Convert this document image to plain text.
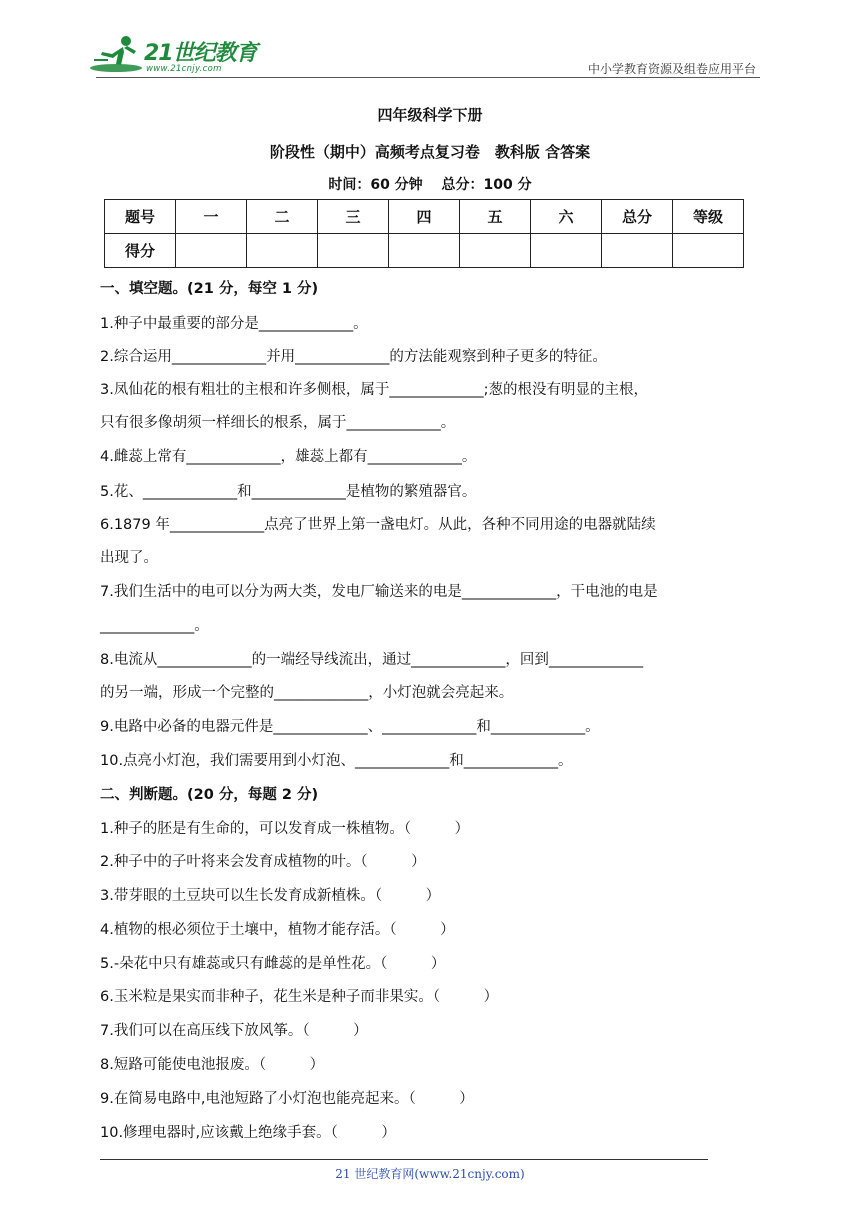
21世纪教育
www.21cnjy.com	中小学教育资源及组卷应用平台
四年级科学下册
阶段性（期中）高频考点复习卷　教科版 含答案
时间：60 分钟　 总分：100 分
题号	一	二	三	四	五	六	总分	等级
得分								
一、填空题。(21 分，每空 1 分)
1.种子中最重要的部分是_____________。
2.综合运用_____________并用_____________的方法能观察到种子更多的特征。
3.凤仙花的根有粗壮的主根和许多侧根，属于_____________;葱的根没有明显的主根，
只有很多像胡须一样细长的根系，属于_____________。
4.雌蕊上常有_____________，雄蕊上都有_____________。
5.花、_____________和_____________是植物的繁殖器官。
6.1879 年_____________点亮了世界上第一盏电灯。从此，各种不同用途的电器就陆续
出现了。
7.我们生活中的电可以分为两大类，发电厂输送来的电是_____________，干电池的电是
_____________。
8.电流从_____________的一端经导线流出，通过_____________，回到_____________
的另一端，形成一个完整的_____________，小灯泡就会亮起来。
9.电路中必备的电器元件是_____________、_____________和_____________。
10.点亮小灯泡，我们需要用到小灯泡、_____________和_____________。
二、判断题。(20 分，每题 2 分)
1.种子的胚是有生命的，可以发育成一株植物。（　　　）
2.种子中的子叶将来会发育成植物的叶。（　　　）
3.带芽眼的土豆块可以生长发育成新植株。（　　　）
4.植物的根必须位于土壤中，植物才能存活。（　　　）
5.-朵花中只有雄蕊或只有雌蕊的是单性花。（　　　）
6.玉米粒是果实而非种子，花生米是种子而非果实。（　　　）
7.我们可以在高压线下放风筝。（　　　）
8.短路可能使电池报废。（　　　）
9.在简易电路中,电池短路了小灯泡也能亮起来。（　　　）
10.修理电器时,应该戴上绝缘手套。（　　　）
21 世纪教育网(www.21cnjy.com)
